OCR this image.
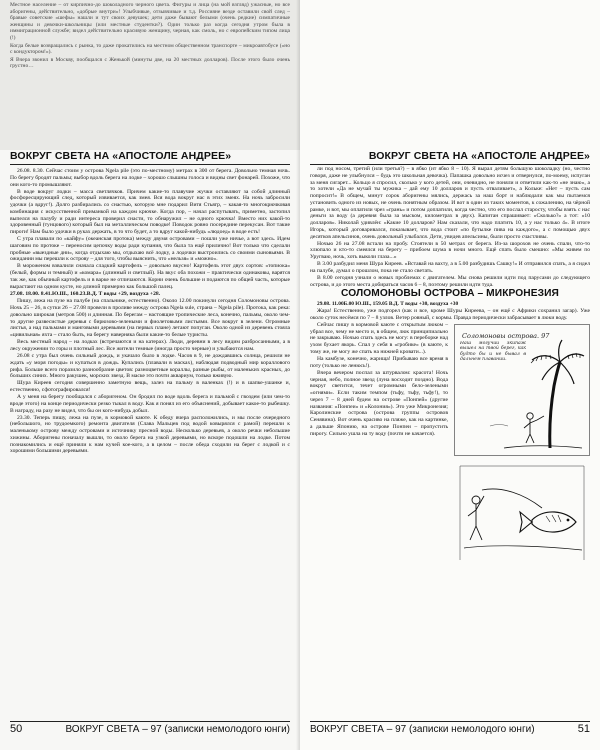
Местное население – от кирпично-до шоколадного черного цвета. Фигуры и лица (на мой взгляд) ужасные, но все аборигены, действительно, «добрые внутри»! Улыбчивые, отзывчивые и т.д. Россияне везде оставили свой след – бравые советские «шефы» нашли и тут своих девушек; дети даже бывают белыми (очень редкие) симпатичные женщины и девочки-школьницы (или местные студентки?). Один только раз когда сегодня утром была в иммиграционной службе; видел действительно красивую женщину, черная, как смоль, но с европейским типом лица (!)

Когда белые возвращались с рынка, то даже прокатились на местном общественном транспорте – микроавтобусе («но с кондуктором!»).

Я Вчера звонил в Москву, пообщался с Женькой (минуты две, на 20 местных долларов). После этого было очень грустно…

ВОКРУГ СВЕТА НА «АПОСТОЛЕ АНДРЕЕ»

26.08. 8.30. Сейчас стоим у острова Ngela pile (это по-местному) метрах в 300 от берега. Довольно темная ночь. По берегу бродят пальмы; выбор вдоль берега на лодке – хорошо слышны голоса и видны свет фонарей. Похоже, что они кого-то промышляют.

В воде вокруг лодки – масса светлячков. Причем какие-то плавучие жучки оставляют за собой длинный фосфоресцирующий след, который извивается, как змея. Вся вода вокруг нас в этих змеях. На ночь забросили удочки (а вдруг!). Долго разбирались со снастью, которую мне подарил Витя Стьягр, – какая-то многокрючковая комбинация с искусственной приманкой на каждом крючке. Когда пор, – начал распутывать, приметно, застопил выпелся на палубу и ради интереса проверил снасти, то обнаружил – не одного крючка! Вместо них какой-то здоровенный (тунцового) который был на металлическом поводке! Поводок ровно посередине перекусан. Вот такие пироги! Нам было удочки в руках держать, в то что будет, а то вдруг какой-нибудь «людоед» в воде есть!

С утра плавали по «кайфу» (океанская протока) между двумя островами – пошли уже ничье, а вот здесь. Идем шаговим по протоке – переносим цепочку воды ради купания, что была та ещё прилично! Вот только что сделали пробные «выездные дни», когда отдыхаю мы, отдыхаю всё лодку, а лодочки выстроились со своими сыновьями. В ожидании мы перешли к острову – для того, чтобы выяснить, что «нельзя» и «можно».

В мороженом взвалили сначала сладкий картофель – довольно вкусно! Картофель этот двух сортов: «топиока» (белый, формы и темный) и «комара» (длинный и светлый). На вкус оба похожи – практически одинаковы, варятся так же, как обычный картофель и в варке не отличаются. Корни очень большие и подаются по общей часть, которые вырастают на одном кусте, но длиной примерно как большой палец.

27.08. 18.00. 8.41.Ю.Ш., 160.23.В.Д. Т воды +29, воздуха +28.

Пишу, лежа на пузе на палубе (на спальнике, естественно). Около 12.00 покинули сегодня Соломоновы острова. Ночь 25 – 26, в сутки 26 – 27.08 провели в проливе между острова Ngela sule, страна – Ngela pile). Протока, как река: довольно широкая (метров 500) и длинная. По берегам – настоящие тропические леса, конечно, пальмы, около чем-то другие развесистые деревья с бирюзово-зелеными и фиолетовыми листьями. Все вокруг в зелени. Огромные листья, а над пальмами и манговыми деревьями (на первых плане) летают попугаи. Около одной из деревень стояла «цивильная» яхта – стало быть, на берегу наверняка были какие-то белые туристы.

Весь местный народ – на лодках (встречаются и на катерах). Люди, деревни в лесу видим разбросанными, а в лесу окружении то горы и плотный лес. Все жители темные (иногда просто черные) и улыбаются нам.

26.08 с утра был очень сильный дождь, и укачало было в лодке. Часов в 9, не дождавшись солнца, решили не ждать «у моря погоды» и купаться в дождь. Купались (плавали в масках), наблюдая подводный мир кораллового рифа. Больше всего поразило разнообразие цветов: разноцветные кораллы, разные рыбы, от маленьких красных, до больших синих. Много ракушек, морских звезд. В маске это почти аквариум, только вживую.

Шура Киреев сегодня совершенно заметную вещь, залез на пальму в валенках (!) и в шапке-ушанке и, естественно, сфотографировался!

А у меня на берегу пообщался с аборигеном. Он бродил по воде вдоль берега и пальмой с гвоздем (или чем-то вроде этого) на конце периодически резко тыкал в воду. Как я понял из его объяснений, добывает какое-то рыбешку. В награду, на разу не видел, что бы он кого-нибудь добыл.

23.30. Теперь пишу, лежа на пузе, в кормовой каюте. К обеду вчера расположились, и мы после очередного (небольшого, но трудоемкого) ремонта двигателя (Слава Мальцев под водой ковырялся с рамой) перешли к маленькому острову между островами и источнику пресной воды. Несколько деревьев, а около речки небольшие хижины. Аборигены поначалу вышли, то около берега на узкой деревьями, но вскоре подошли на лодке. Потом познакомились и ещё приняли к нам кучей кое-кого, а в целом – после обеда сходили на берег с лодкой и с хорошими большими деревьями.

50	ВОКРУГ СВЕТА – 97 (записки немолодого юнги)
ВОКРУГ СВЕТА НА «АПОСТОЛЕ АНДРЕЕ»

ли под носом, третий (или третья?) – в ябко (ит ябко 8 – 10). Я вырал детям большую шоколадку (но, честно говоря, даже не улыбнулся – будь это школьная девочка). Папашка довольно исчез и отвернулся, по-моему, испуган за меня сигарет... Кольцо я спросил, сколько у кого детей, они, очевидно, не поняли и ответили как-то «не знаю», а то хотели «Да не мучай ты мужика – дай ему 10 долларов и пусть отваливает», а Кольке: «Нет – пусть сам попросит!» В общем, минут сорок аборигены мялись, держась за наш борт и наблюдали как мы пытаемся установить одного из новых, не очень понятным образом. И вот в один из таких моментов, к сожалению, на чёрной рамке, и вот, мы оплатили чрез «грань» и потом доплатили, когда честно, что его послал старосту, чтобы взять с нас деньги за воду (а деревня была за мыском, километрах в двух). Капитан спрашивает: «Сколько?» а тот: «10 долларов». Николай удивлён: «Какие 10 долларов? Нам сказали, что надо платить 10, а у нас только 4». В итоге Игорь, который договаривался, показывает, что вода стоит «по бутылке пива на каждого», а с помощью двух десятков апельсинов, очень довольный улыбался. Дети, увидев апельсины, были просто счастливы.

Ночью 26 на 27.08 встали на пробу. Стоятели в 50 метрах от берега. Из-за шорохов не очень спали, что-то хлюпало и кто-то смеялся на берегу – прибоем шума в ночи много. Ещё спать было смешно: «Мы живем по Уругваю, ночь, хоть выколи глаза...»

В 3.00 разбудил меня Шура Киреев. «Вставай на вахту, а в 5.00 разбудишь Сашку!» И отправился спать, а я сидел на палубе, думал о прошлом, пока не стало светать.

В 8.00 сегодня узнали о новых проблемах с двигателем. Мы снова решили идти под парусами до следующего острова, и до этого места добираться часов 6 – 8, поэтому решили идти туда.

СОЛОМОНОВЫ ОСТРОВА – МИКРОНЕЗИЯ

29.08. 11.00Б.00 Ю.Ш., 159.05 В.Д. Т воды +30, воздуха +30

Жара! Естественно, уже подгорел (как и все, кроме Шуры Киреева, – он ещё с Африки сохранил загар). Уже около суток несёмся по 7 – 8 узлов. Ветер ровный, с кормы. Правда периодически забрасывает в люки воду.

Соломоновы острова. 97
Наш могучий экипаж вышел на твой берег, как будто бы и не бывал в дальнем плавании.

Сейчас пишу в кормовой каюте с открытым люком – убрал все, чему не место и, в общем, люк принципиально не закрываю. Ночью спать здесь не могу: в переборке над ухом бухает якорь. Спал у себя в «гробике» (в каюте, к тому же, не могу же спать на нижней кровати...).

На камбузе, конечно, жарища! Прибываю все время в поту (только не ленюсь!).

Вчера вечером поспал за штурвалом: красота! Ночь черная, небо, полное звезд (луна восходит поздно). Вода вокруг светится, течет огромными бело-зелеными «огнями». Если таким темпом (тьфу, тьфу, тьфу!), то через 7 – 8 дней будем на острове «Понпей» (другие названия: «Понпеи» и «Колония»). Это уже Микронезия; Каролинские острова (острова группы островов Сенявина). Вот очень красиво на пляже, как на картинке, а дальше Японию, на острове Понпеи – пропустить пирогу. Сильно ушла на ту воду (почти не качается).

ВОКРУГ СВЕТА – 97 (записки немолодого юнги)	51
